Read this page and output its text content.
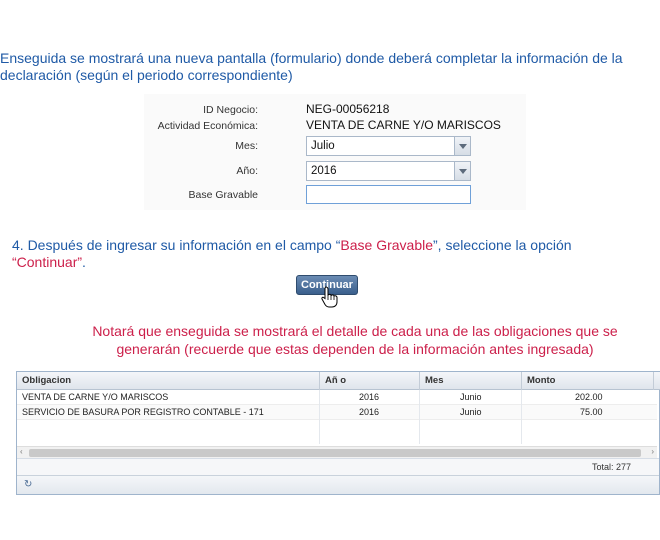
Enseguida se mostrará una nueva pantalla (formulario) donde deberá completar la información de la declaración (según el periodo correspondiente)
ID Negocio:	NEG-00056218
Actividad Económica:	VENTA DE CARNE Y/O MARISCOS
Mes:	Julio
Año:	2016
Base Gravable
4. Después de ingresar su información en el campo “Base Gravable”, seleccione la opción
“Continuar”.
Continuar
Notará que enseguida se mostrará el detalle de cada una de las obligaciones que se
generarán (recuerde que estas dependen de la información antes ingresada)
Obligacion	Añ o	Mes	Monto
VENTA DE CARNE Y/O MARISCOS	2016	Junio	202.00
SERVICIO DE BASURA POR REGISTRO CONTABLE - 171	2016	Junio	75.00
‹	›
Total: 277
↻
